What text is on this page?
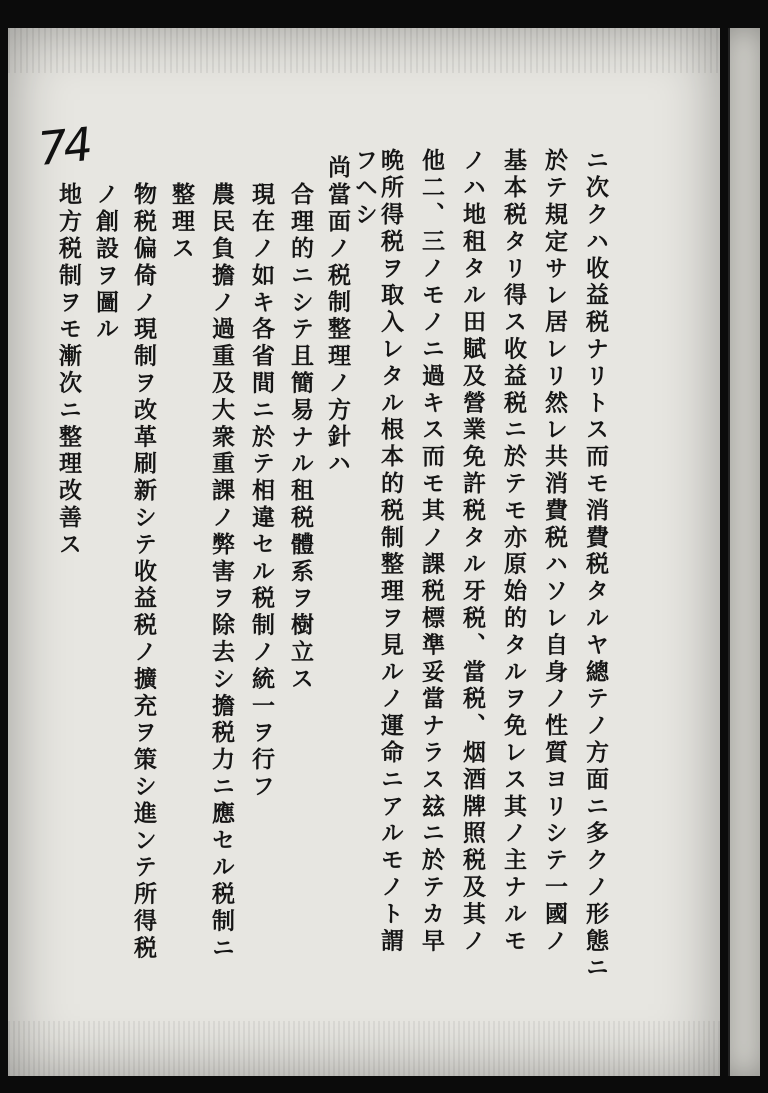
74
ニ次クハ收益税ナリトス而モ消費税タルヤ總テノ方面ニ多クノ形態ニ
於テ規定サレ居レリ然レ共消費税ハソレ自身ノ性質ヨリシテ一國ノ
基本税タリ得ス收益税ニ於テモ亦原始的タルヲ免レス其ノ主ナルモ
ノハ地租タル田賦及營業免許税タル牙税、當税、烟酒牌照税及其ノ
他二、三ノモノニ過キス而モ其ノ課税標準妥當ナラス玆ニ於テカ早
晩所得税ヲ取入レタル根本的税制整理ヲ見ルノ運命ニアルモノト謂
フヘシ
尚當面ノ税制整理ノ方針ハ
合理的ニシテ且簡易ナル租税體系ヲ樹立ス
現在ノ如キ各省間ニ於テ相違セル税制ノ統一ヲ行フ
農民負擔ノ過重及大衆重課ノ弊害ヲ除去シ擔税力ニ應セル税制ニ
整理ス
物税偏倚ノ現制ヲ改革刷新シテ收益税ノ擴充ヲ策シ進ンテ所得税
ノ創設ヲ圖ル
地方税制ヲモ漸次ニ整理改善ス
